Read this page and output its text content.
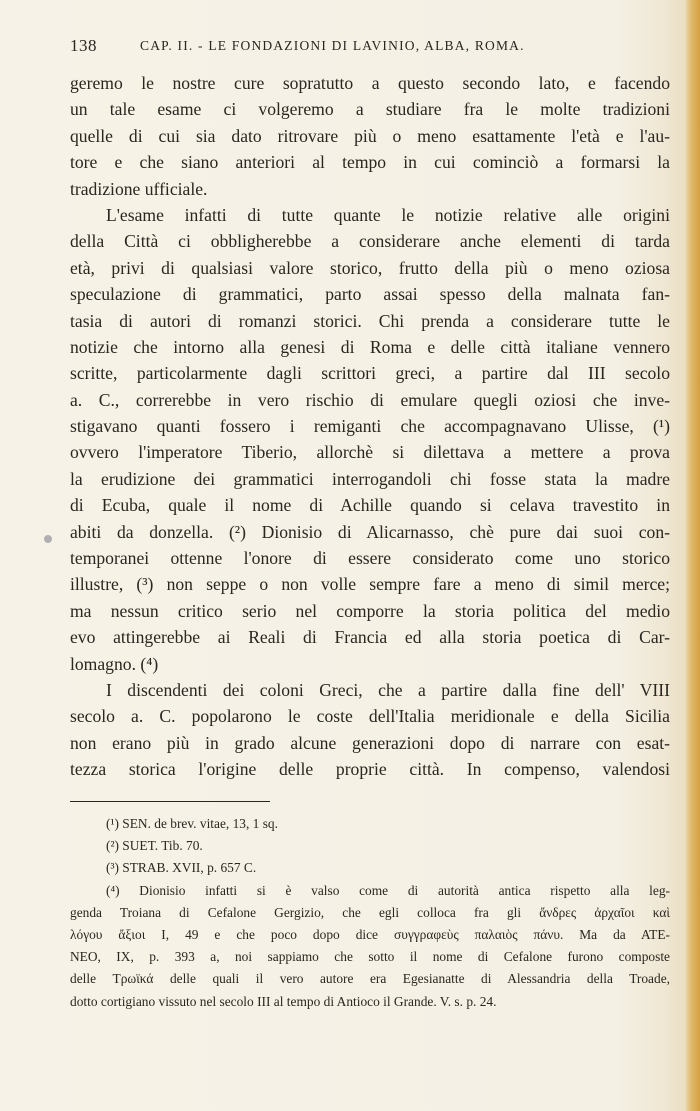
138	CAP. II. - LE FONDAZIONI DI LAVINIO, ALBA, ROMA.
geremo le nostre cure sopratutto a questo secondo lato, e facendo
un tale esame ci volgeremo a studiare fra le molte tradizioni
quelle di cui sia dato ritrovare più o meno esattamente l'età e l'au-
tore e che siano anteriori al tempo in cui cominciò a formarsi la
tradizione ufficiale.
L'esame infatti di tutte quante le notizie relative alle origini
della Città ci obbligherebbe a considerare anche elementi di tarda
età, privi di qualsiasi valore storico, frutto della più o meno oziosa
speculazione di grammatici, parto assai spesso della malnata fan-
tasia di autori di romanzi storici. Chi prenda a considerare tutte le
notizie che intorno alla genesi di Roma e delle città italiane vennero
scritte, particolarmente dagli scrittori greci, a partire dal III secolo
a. C., correrebbe in vero rischio di emulare quegli oziosi che inve-
stigavano quanti fossero i remiganti che accompagnavano Ulisse, (¹)
ovvero l'imperatore Tiberio, allorchè si dilettava a mettere a prova
la erudizione dei grammatici interrogandoli chi fosse stata la madre
di Ecuba, quale il nome di Achille quando si celava travestito in
abiti da donzella. (²) Dionisio di Alicarnasso, chè pure dai suoi con-
temporanei ottenne l'onore di essere considerato come uno storico
illustre, (³) non seppe o non volle sempre fare a meno di simil merce;
ma nessun critico serio nel comporre la storia politica del medio
evo attingerebbe ai Reali di Francia ed alla storia poetica di Car-
lomagno. (⁴)
I discendenti dei coloni Greci, che a partire dalla fine dell' VIII
secolo a. C. popolarono le coste dell'Italia meridionale e della Sicilia
non erano più in grado alcune generazioni dopo di narrare con esat-
tezza storica l'origine delle proprie città. In compenso, valendosi
(¹) SEN. de brev. vitae, 13, 1 sq.
(²) SUET. Tib. 70.
(³) STRAB. XVII, p. 657 C.
(⁴) Dionisio infatti si è valso come di autorità antica rispetto alla leg-
genda Troiana di Cefalone Gergizio, che egli colloca fra gli ἄνδρες ἀρχαῖοι καὶ
λόγου ἄξιοι I, 49 e che poco dopo dice συγγραφεὺς παλαιὸς πάνυ. Ma da ATE-
NEO, IX, p. 393 a, noi sappiamo che sotto il nome di Cefalone furono composte
delle Τρωϊκά delle quali il vero autore era Egesianatte di Alessandria della Troade,
dotto cortigiano vissuto nel secolo III al tempo di Antioco il Grande. V. s. p. 24.
